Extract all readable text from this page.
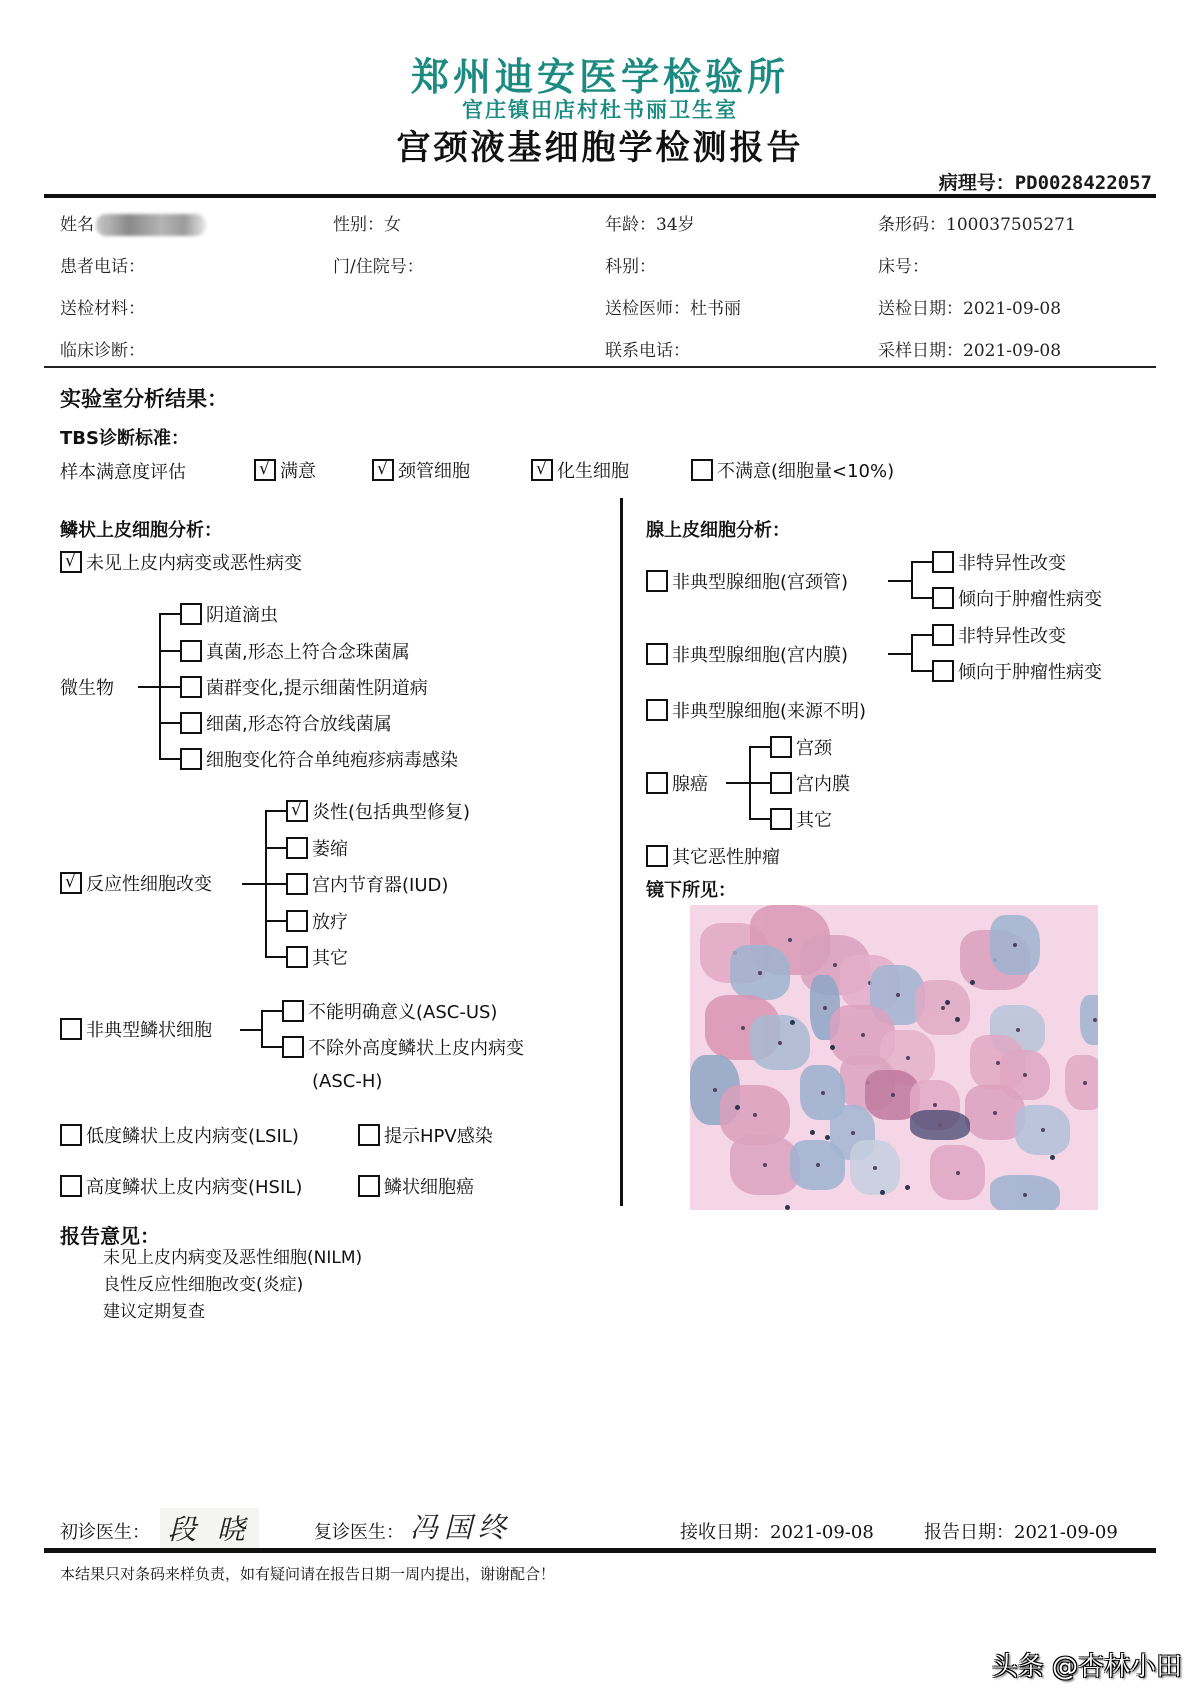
郑州迪安医学检验所
官庄镇田店村杜书丽卫生室
宫颈液基细胞学检测报告
病理号：PD0028422057
姓名	性别：女	年龄：34岁	条形码：100037505271
患者电话：	门/住院号：	科别：	床号：
送检材料：	送检医师：杜书丽	送检日期：2021-09-08
临床诊断：	联系电话：	采样日期：2021-09-08
实验室分析结果：
TBS诊断标准：
样本满意度评估 √	满意 √	颈管细胞 √	化生细胞	不满意(细胞量<10%)
鳞状上皮细胞分析：
√
未见上皮内病变或恶性病变
微生物
阴道滴虫
真菌,形态上符合念珠菌属
菌群变化,提示细菌性阴道病
细菌,形态符合放线菌属
细胞变化符合单纯疱疹病毒感染
√
反应性细胞改变
√
炎性(包括典型修复)
萎缩
宫内节育器(IUD)
放疗
其它
非典型鳞状细胞
不能明确意义(ASC-US)
不除外高度鳞状上皮内病变
(ASC-H)
低度鳞状上皮内病变(LSIL)	提示HPV感染
高度鳞状上皮内病变(HSIL)	鳞状细胞癌
腺上皮细胞分析：
非典型腺细胞(宫颈管)
非特异性改变
倾向于肿瘤性病变
非典型腺细胞(宫内膜)
非特异性改变
倾向于肿瘤性病变
非典型腺细胞(来源不明)
腺癌
宫颈
宫内膜
其它
其它恶性肿瘤
镜下所见：
报告意见：
未见上皮内病变及恶性细胞(NILM)
良性反应性细胞改变(炎症)
建议定期复查
初诊医生： 段 晓	复诊医生： 冯国终	接收日期：2021-09-08	报告日期：2021-09-09
本结果只对条码来样负责，如有疑问请在报告日期一周内提出，谢谢配合！
头条 @杏林小田
